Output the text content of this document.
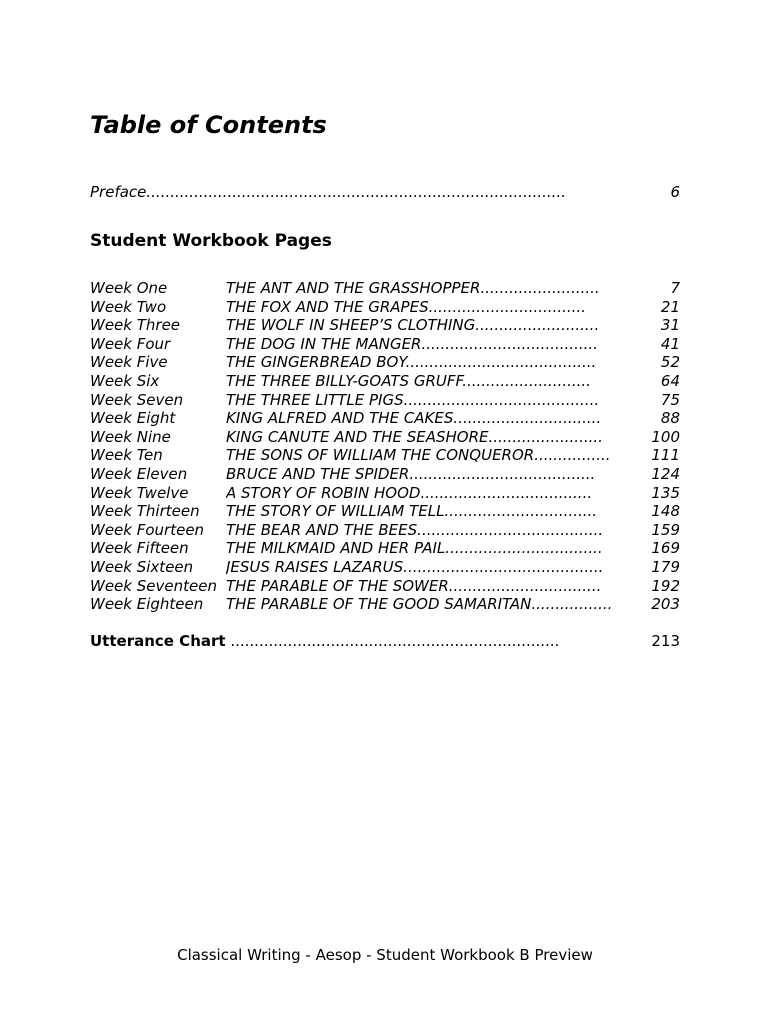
Table of Contents
Preface........................................................................................	6
Student Workbook Pages
Week One	THE ANT AND THE GRASSHOPPER.........................	7
Week Two	THE FOX AND THE GRAPES.................................	21
Week Three	THE WOLF IN SHEEP’S CLOTHING..........................	31
Week Four	THE DOG IN THE MANGER.....................................	41
Week Five	THE GINGERBREAD BOY........................................	52
Week Six	THE THREE BILLY-GOATS GRUFF...........................	64
Week Seven	THE THREE LITTLE PIGS.........................................	75
Week Eight	KING ALFRED AND THE CAKES...............................	88
Week Nine	KING CANUTE AND THE SEASHORE........................	100
Week Ten	THE SONS OF WILLIAM THE CONQUEROR................	111
Week Eleven	BRUCE AND THE SPIDER.......................................	124
Week Twelve	A STORY OF ROBIN HOOD....................................	135
Week Thirteen	THE STORY OF WILLIAM TELL................................	148
Week Fourteen	THE BEAR AND THE BEES.......................................	159
Week Fifteen	THE MILKMAID AND HER PAIL.................................	169
Week Sixteen	JESUS RAISES LAZARUS..........................................	179
Week Seventeen THE PARABLE OF THE SOWER................................	192
Week Eighteen	THE PARABLE OF THE GOOD SAMARITAN.................	203
Utterance Chart .....................................................................	213
Classical Writing - Aesop - Student Workbook B Preview
